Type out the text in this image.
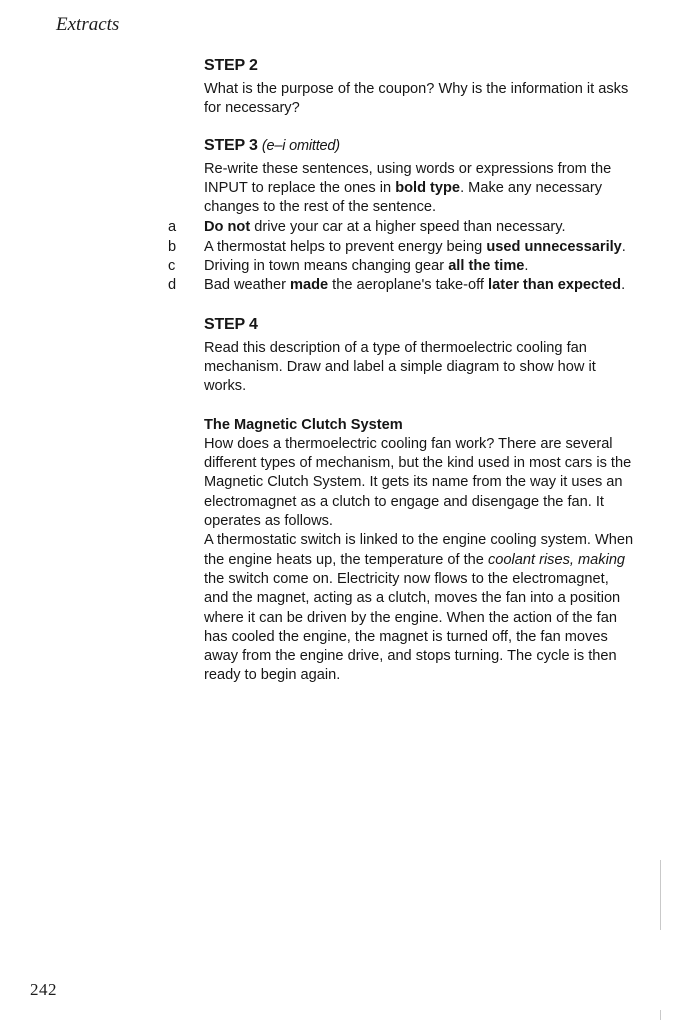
Extracts
STEP 2

What is the purpose of the coupon? Why is the information it asks for necessary?

STEP 3 (e–i omitted)

Re-write these sentences, using words or expressions from the INPUT to replace the ones in bold type. Make any necessary changes to the rest of the sentence.

a	Do not drive your car at a higher speed than necessary.
b	A thermostat helps to prevent energy being used unnecessarily.
c	Driving in town means changing gear all the time.
d	Bad weather made the aeroplane's take-off later than expected.
STEP 4

Read this description of a type of thermoelectric cooling fan mechanism. Draw and label a simple diagram to show how it works.

The Magnetic Clutch System

How does a thermoelectric cooling fan work? There are several different types of mechanism, but the kind used in most cars is the Magnetic Clutch System. It gets its name from the way it uses an electromagnet as a clutch to engage and disengage the fan. It operates as follows.

A thermostatic switch is linked to the engine cooling system. When the engine heats up, the temperature of the coolant rises, making the switch come on. Electricity now flows to the electromagnet, and the magnet, acting as a clutch, moves the fan into a position where it can be driven by the engine. When the action of the fan has cooled the engine, the magnet is turned off, the fan moves away from the engine drive, and stops turning. The cycle is then ready to begin again.

242
